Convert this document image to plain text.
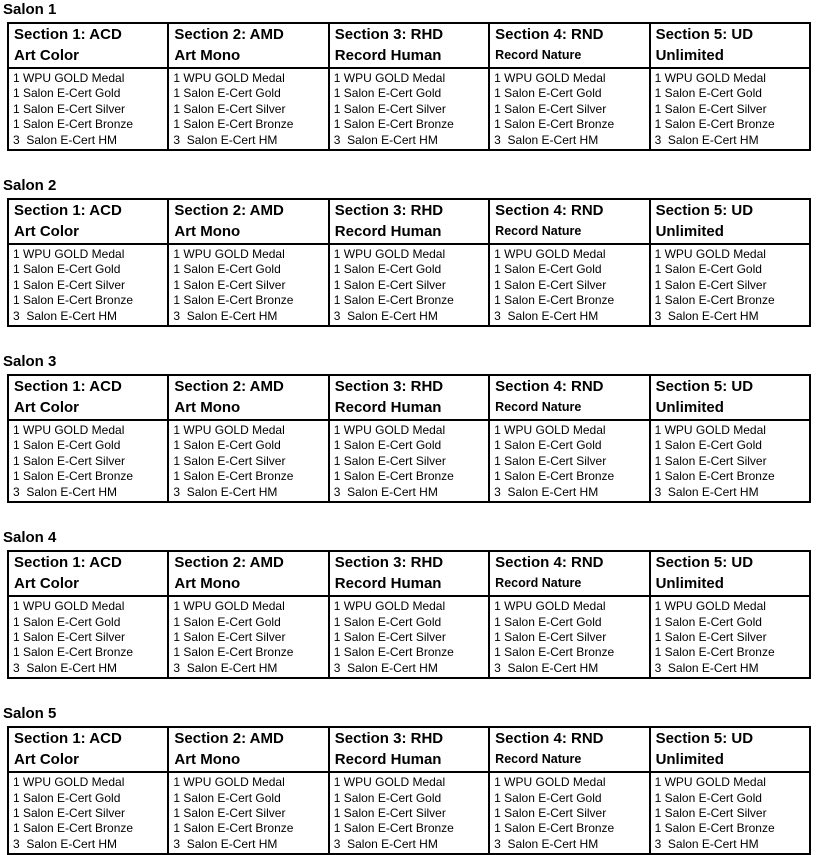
Salon 1
Section 1: ACD
Art Color

Section 2: AMD
Art Mono

Section 3: RHD
Record Human

Section 4: RND
Record Nature

Section 5: UD
Unlimited

1 WPU GOLD Medal
1 Salon E-Cert Gold
1 Salon E-Cert Silver
1 Salon E-Cert Bronze
3  Salon E-Cert HM

1 WPU GOLD Medal
1 Salon E-Cert Gold
1 Salon E-Cert Silver
1 Salon E-Cert Bronze
3  Salon E-Cert HM

1 WPU GOLD Medal
1 Salon E-Cert Gold
1 Salon E-Cert Silver
1 Salon E-Cert Bronze
3  Salon E-Cert HM

1 WPU GOLD Medal
1 Salon E-Cert Gold
1 Salon E-Cert Silver
1 Salon E-Cert Bronze
3  Salon E-Cert HM

1 WPU GOLD Medal
1 Salon E-Cert Gold
1 Salon E-Cert Silver
1 Salon E-Cert Bronze
3  Salon E-Cert HM
Salon 2
Section 1: ACD
Art Color

Section 2: AMD
Art Mono

Section 3: RHD
Record Human

Section 4: RND
Record Nature

Section 5: UD
Unlimited

1 WPU GOLD Medal
1 Salon E-Cert Gold
1 Salon E-Cert Silver
1 Salon E-Cert Bronze
3  Salon E-Cert HM

1 WPU GOLD Medal
1 Salon E-Cert Gold
1 Salon E-Cert Silver
1 Salon E-Cert Bronze
3  Salon E-Cert HM

1 WPU GOLD Medal
1 Salon E-Cert Gold
1 Salon E-Cert Silver
1 Salon E-Cert Bronze
3  Salon E-Cert HM

1 WPU GOLD Medal
1 Salon E-Cert Gold
1 Salon E-Cert Silver
1 Salon E-Cert Bronze
3  Salon E-Cert HM

1 WPU GOLD Medal
1 Salon E-Cert Gold
1 Salon E-Cert Silver
1 Salon E-Cert Bronze
3  Salon E-Cert HM
Salon 3
Section 1: ACD
Art Color

Section 2: AMD
Art Mono

Section 3: RHD
Record Human

Section 4: RND
Record Nature

Section 5: UD
Unlimited

1 WPU GOLD Medal
1 Salon E-Cert Gold
1 Salon E-Cert Silver
1 Salon E-Cert Bronze
3  Salon E-Cert HM

1 WPU GOLD Medal
1 Salon E-Cert Gold
1 Salon E-Cert Silver
1 Salon E-Cert Bronze
3  Salon E-Cert HM

1 WPU GOLD Medal
1 Salon E-Cert Gold
1 Salon E-Cert Silver
1 Salon E-Cert Bronze
3  Salon E-Cert HM

1 WPU GOLD Medal
1 Salon E-Cert Gold
1 Salon E-Cert Silver
1 Salon E-Cert Bronze
3  Salon E-Cert HM

1 WPU GOLD Medal
1 Salon E-Cert Gold
1 Salon E-Cert Silver
1 Salon E-Cert Bronze
3  Salon E-Cert HM
Salon 4
Section 1: ACD
Art Color

Section 2: AMD
Art Mono

Section 3: RHD
Record Human

Section 4: RND
Record Nature

Section 5: UD
Unlimited

1 WPU GOLD Medal
1 Salon E-Cert Gold
1 Salon E-Cert Silver
1 Salon E-Cert Bronze
3  Salon E-Cert HM

1 WPU GOLD Medal
1 Salon E-Cert Gold
1 Salon E-Cert Silver
1 Salon E-Cert Bronze
3  Salon E-Cert HM

1 WPU GOLD Medal
1 Salon E-Cert Gold
1 Salon E-Cert Silver
1 Salon E-Cert Bronze
3  Salon E-Cert HM

1 WPU GOLD Medal
1 Salon E-Cert Gold
1 Salon E-Cert Silver
1 Salon E-Cert Bronze
3  Salon E-Cert HM

1 WPU GOLD Medal
1 Salon E-Cert Gold
1 Salon E-Cert Silver
1 Salon E-Cert Bronze
3  Salon E-Cert HM
Salon 5
Section 1: ACD
Art Color

Section 2: AMD
Art Mono

Section 3: RHD
Record Human

Section 4: RND
Record Nature

Section 5: UD
Unlimited

1 WPU GOLD Medal
1 Salon E-Cert Gold
1 Salon E-Cert Silver
1 Salon E-Cert Bronze
3  Salon E-Cert HM

1 WPU GOLD Medal
1 Salon E-Cert Gold
1 Salon E-Cert Silver
1 Salon E-Cert Bronze
3  Salon E-Cert HM

1 WPU GOLD Medal
1 Salon E-Cert Gold
1 Salon E-Cert Silver
1 Salon E-Cert Bronze
3  Salon E-Cert HM

1 WPU GOLD Medal
1 Salon E-Cert Gold
1 Salon E-Cert Silver
1 Salon E-Cert Bronze
3  Salon E-Cert HM

1 WPU GOLD Medal
1 Salon E-Cert Gold
1 Salon E-Cert Silver
1 Salon E-Cert Bronze
3  Salon E-Cert HM
